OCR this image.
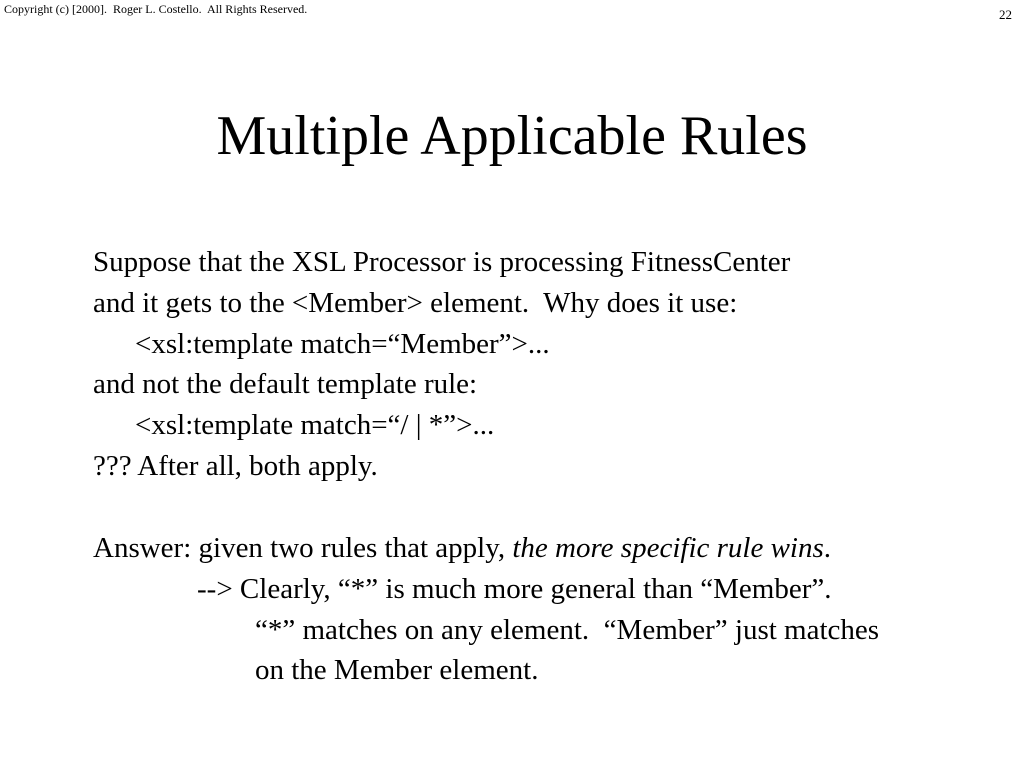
Copyright (c) [2000].  Roger L. Costello.  All Rights Reserved.	22
Multiple Applicable Rules
Suppose that the XSL Processor is processing FitnessCenter
and it gets to the <Member> element.  Why does it use:
<xsl:template match=“Member”>...
and not the default template rule:
<xsl:template match=“/ | *”>...
??? After all, both apply.
Answer: given two rules that apply, the more specific rule wins.
--> Clearly, “*” is much more general than “Member”.
“*” matches on any element.  “Member” just matches
on the Member element.
